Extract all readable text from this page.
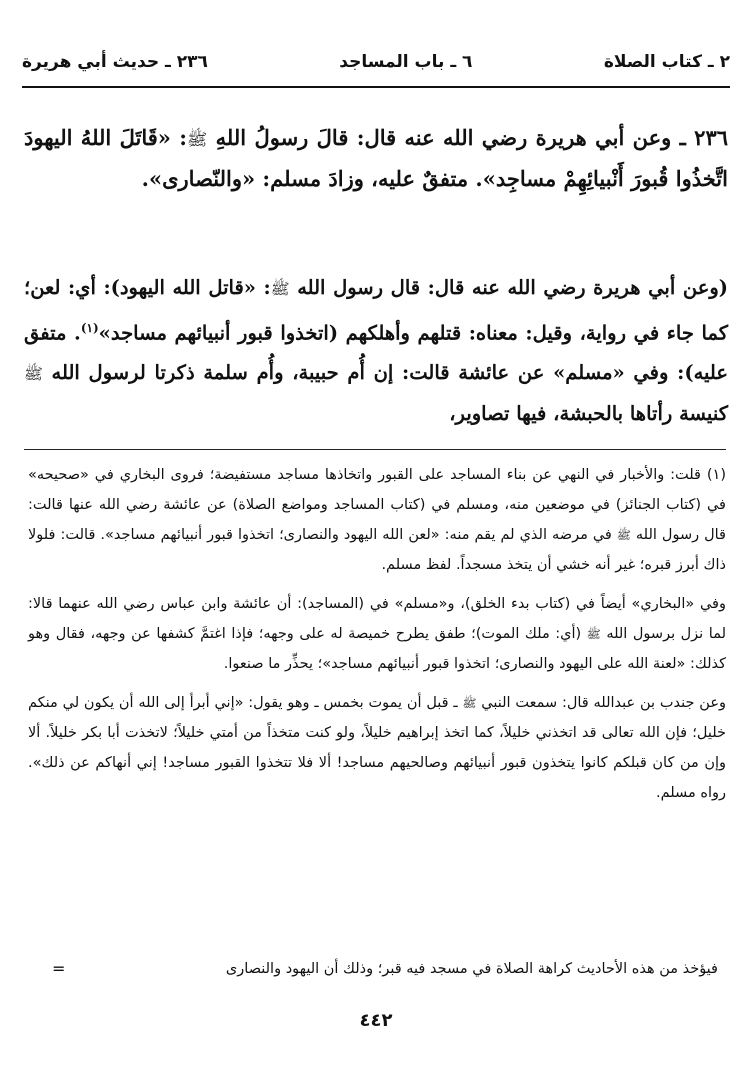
٢ ـ كتاب الصلاة
٦ ـ باب المساجد
٢٣٦ ـ حديث أبي هريرة
٢٣٦ ـ وعن أبي هريرة رضي الله عنه قال: قالَ رسولُ اللهِ ﷺ: «قَاتَلَ اللهُ اليهودَ اتَّخذُوا قُبورَ أَنْبيائِهِمْ مساجِد». متفقٌ عليه، وزادَ مسلم: «والنّصارى».
(وعن أبي هريرة رضي الله عنه قال: قال رسول الله ﷺ: «قاتل الله اليهود): أي: لعن؛ كما جاء في رواية، وقيل: معناه: قتلهم وأهلكهم (اتخذوا قبور أنبيائهم مساجد»$^{(١)}$. متفق عليه): وفي «مسلم» عن عائشة قالت: إن أُم حبيبة، وأُم سلمة ذكرتا لرسول الله ﷺ كنيسة رأتاها بالحبشة، فيها تصاوير،

(١) قلت: والأخبار في النهي عن بناء المساجد على القبور واتخاذها مساجد مستفيضة؛ فروى البخاري في «صحيحه» في (كتاب الجنائز) في موضعين منه، ومسلم في (كتاب المساجد ومواضع الصلاة) عن عائشة رضي الله عنها قالت: قال رسول الله ﷺ في مرضه الذي لم يقم منه: «لعن الله اليهود والنصارى؛ اتخذوا قبور أنبيائهم مساجد». قالت: فلولا ذاك أبرز قبره؛ غير أنه خشي أن يتخذ مسجداً. لفظ مسلم.

وفي «البخاري» أيضاً في (كتاب بدء الخلق)، و«مسلم» في (المساجد): أن عائشة وابن عباس رضي الله عنهما قالا: لما نزل برسول الله ﷺ (أي: ملك الموت)؛ طفق يطرح خميصة له على وجهه؛ فإذا اغتمَّ كشفها عن وجهه، فقال وهو كذلك: «لعنة الله على اليهود والنصارى؛ اتخذوا قبور أنبيائهم مساجد»؛ يحذِّر ما صنعوا.

وعن جندب بن عبدالله قال: سمعت النبي ﷺ ـ قبل أن يموت بخمس ـ وهو يقول: «إني أبرأ إلى الله أن يكون لي منكم خليل؛ فإن الله تعالى قد اتخذني خليلاً، كما اتخذ إبراهيم خليلاً، ولو كنت متخذاً من أمتي خليلاً؛ لاتخذت أبا بكر خليلاً. ألا وإن من كان قبلكم كانوا يتخذون قبور أنبيائهم وصالحيهم مساجد! ألا فلا تتخذوا القبور مساجد! إني أنهاكم عن ذلك». رواه مسلم.

فيؤخذ من هذه الأحاديث كراهة الصلاة في مسجد فيه قبر؛ وذلك أن اليهود والنصارى
=
٤٤٢
